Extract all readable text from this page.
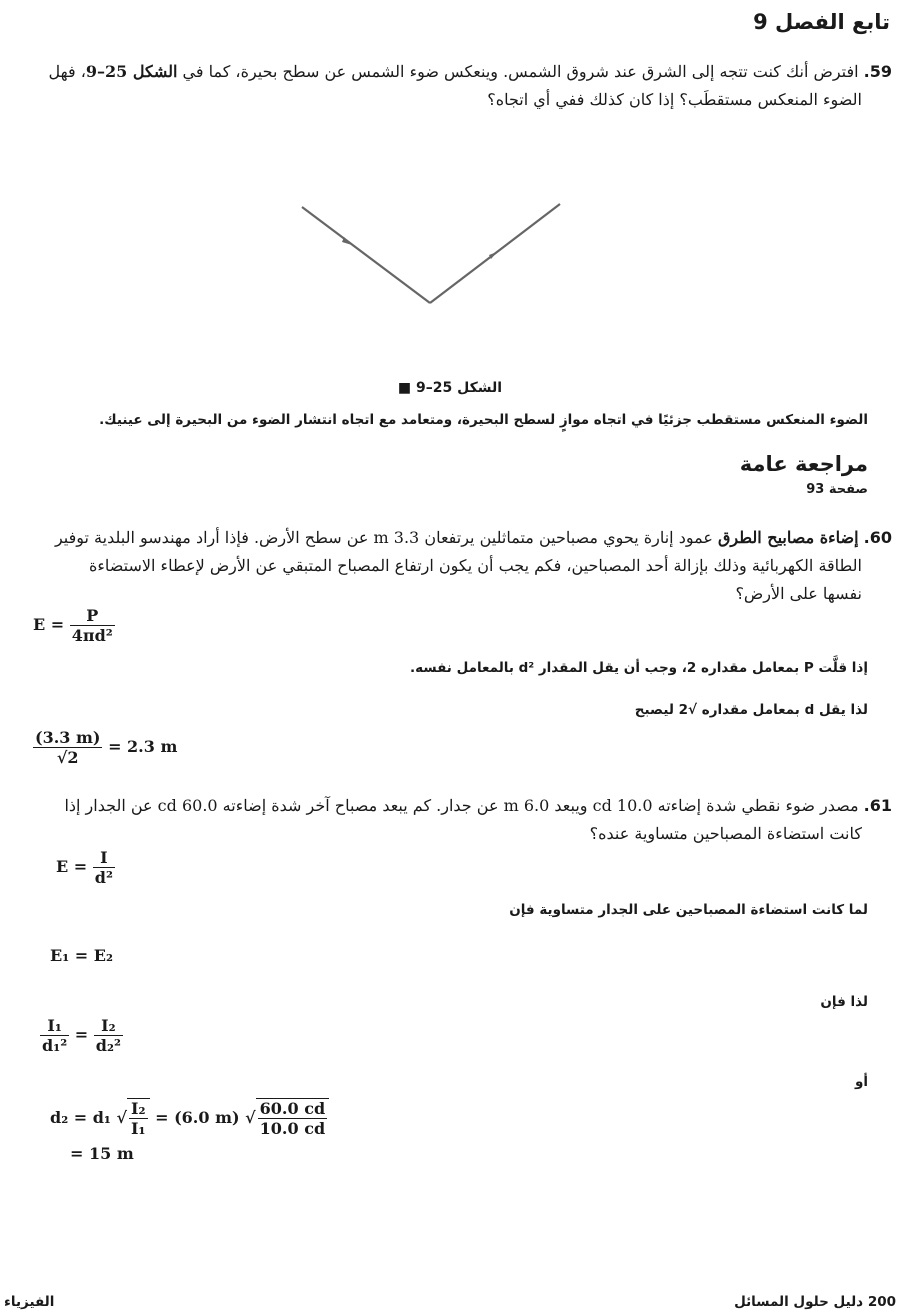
تابع الفصل 9
59. افترض أنك كنت تتجه إلى الشرق عند شروق الشمس. وينعكس ضوء الشمس عن سطح بحيرة، كما في الشكل 25–9، فهل
الضوء المنعكس مستقطَب؟ إذا كان كذلك ففي أي اتجاه؟
الشكل 25–9 ■
الضوء المنعكس مستقطب جزئيًا في اتجاه موازٍ لسطح البحيرة، ومتعامد مع اتجاه انتشار الضوء من البحيرة إلى عينيك.
مراجعة عامة
صفحة 93
60. إضاءة مصابيح الطرق عمود إنارة يحوي مصباحين متماثلين يرتفعان 3.3 m عن سطح الأرض. فإذا أراد مهندسو البلدية توفير
الطاقة الكهربائية وذلك بإزالة أحد المصباحين، فكم يجب أن يكون ارتفاع المصباح المتبقي عن الأرض لإعطاء الاستضاءة
نفسها على الأرض؟
$E = \frac{P}{\text{4πd²}}$
إذا قلَّت P بمعامل مقداره 2، وجب أن يقل المقدار d² بالمعامل نفسه.
لذا يقل d بمعامل مقداره √2 ليصبح
$\frac{(3.3 m)}{√2} = 2.3$ m
61. مصدر ضوء نقطي شدة إضاءته 10.0 cd ويبعد 6.0 m عن جدار. كم يبعد مصباح آخر شدة إضاءته 60.0 cd عن الجدار إذا
كانت استضاءة المصباحين متساوية عنده؟
$E = \frac{I}{\text{d²}}$
لما كانت استضاءة المصباحين على الجدار متساوية فإن
E₁ = E₂
لذا فإن
$\frac{\text{I₁}}{\text{d₁²}} = \frac{\text{I₂}}{\text{d₂²}}$
أو
d₂ = d₁ √ $\frac{\text{I₂}}{\text{I₁}} = (6.0$ m) √ $\frac{60.0 cd}{10.0 cd}$
= 15 m
الفيزياء	200 دليل حلول المسائل
